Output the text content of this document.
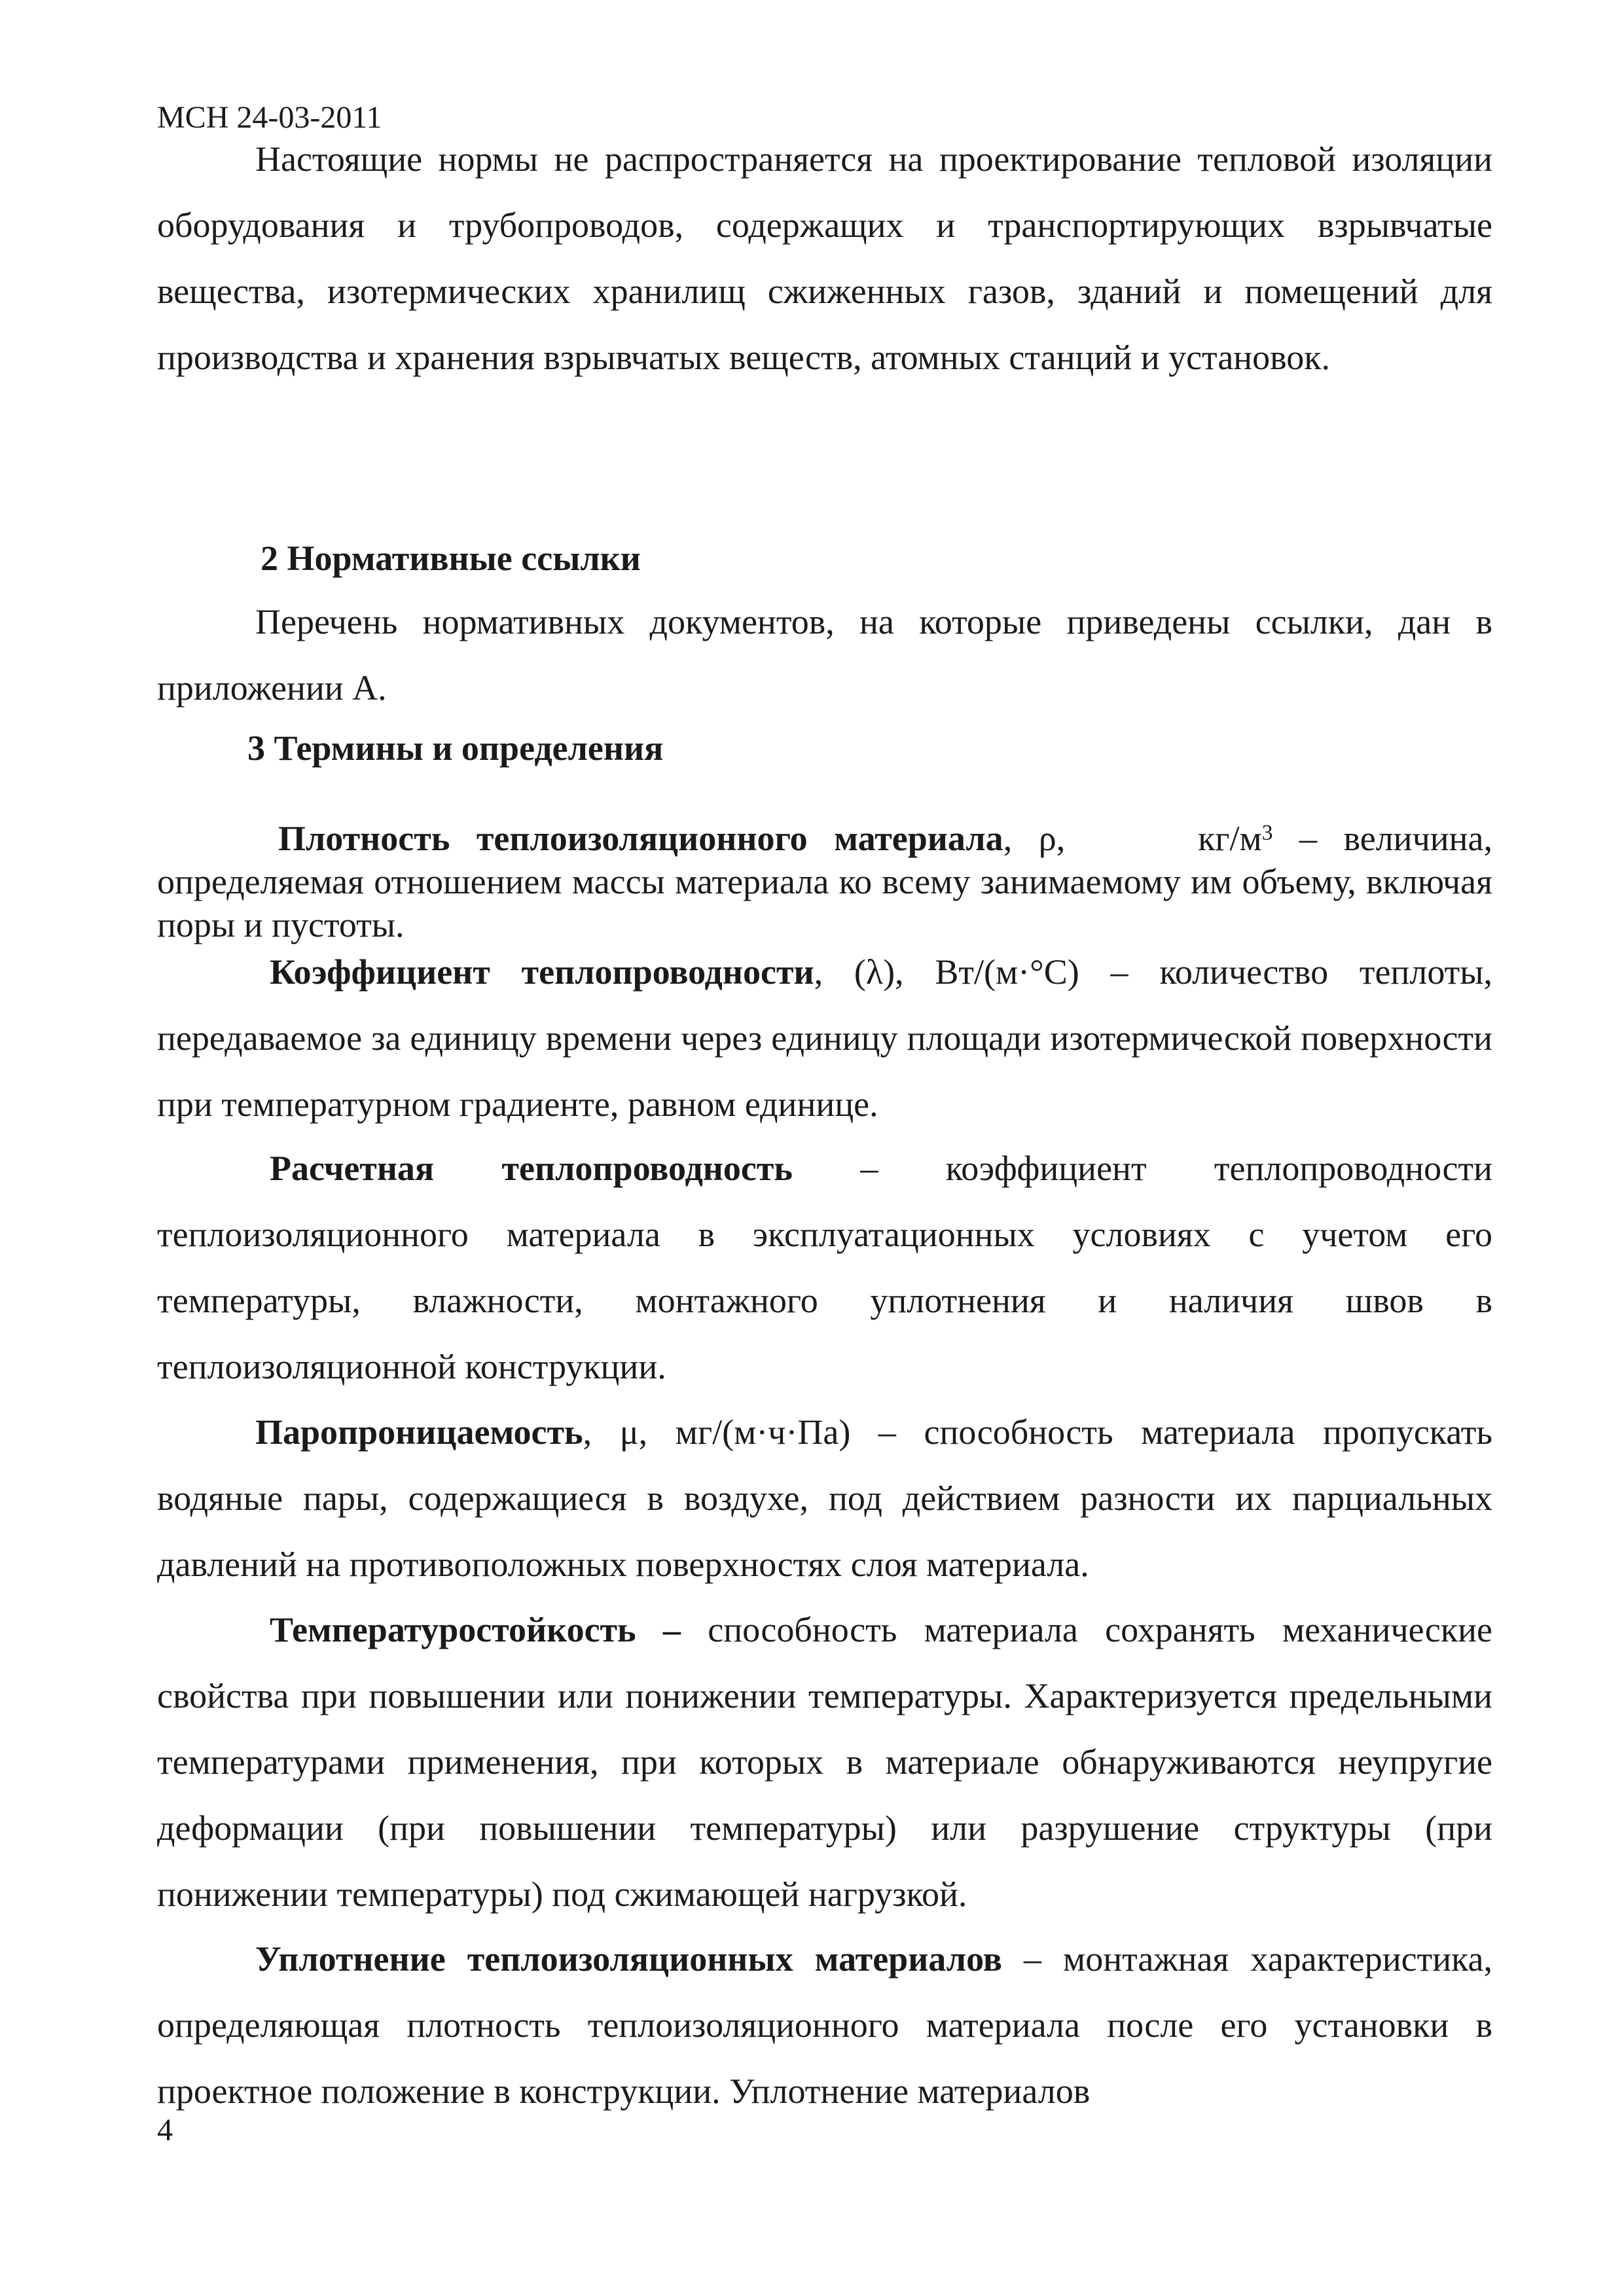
МСН 24-03-2011

Настоящие нормы не распространяется на проектирование тепловой изоляции оборудования и трубопроводов, содержащих и транспортирующих взрывчатые вещества, изотермических хранилищ сжиженных газов, зданий и помещений для производства и хранения взрывчатых веществ, атомных станций и установок.

2 Нормативные ссылки

Перечень нормативных документов, на которые приведены ссылки, дан в приложении А.

3 Термины и определения

Плотность теплоизоляционного материала, ρ,	$кг/м^3$ – величина, определяемая отношением массы материала ко всему занимаемому им объему, включая поры и пустоты.

Коэффициент теплопроводности, (λ), Вт/(м·°С) – количество теплоты, передаваемое за единицу времени через единицу площади изотермической поверхности при температурном градиенте, равном единице.

Расчетная теплопроводность – коэффициент теплопроводности теплоизоляционного материала в эксплуатационных условиях с учетом его температуры, влажности, монтажного уплотнения и наличия швов в теплоизоляционной конструкции.

Паропроницаемость, μ, мг/(м·ч·Па) – способность материала пропускать водяные пары, содержащиеся в воздухе, под действием разности их парциальных давлений на противоположных поверхностях слоя материала.

Температуростойкость – способность материала сохранять механические свойства при повышении или понижении температуры. Характеризуется предельными температурами применения, при которых в материале обнаруживаются неупругие деформации (при повышении температуры) или разрушение структуры (при понижении температуры) под сжимающей нагрузкой.

Уплотнение теплоизоляционных материалов – монтажная характеристика, определяющая плотность теплоизоляционного материала после его установки в проектное положение в конструкции. Уплотнение материалов

4
